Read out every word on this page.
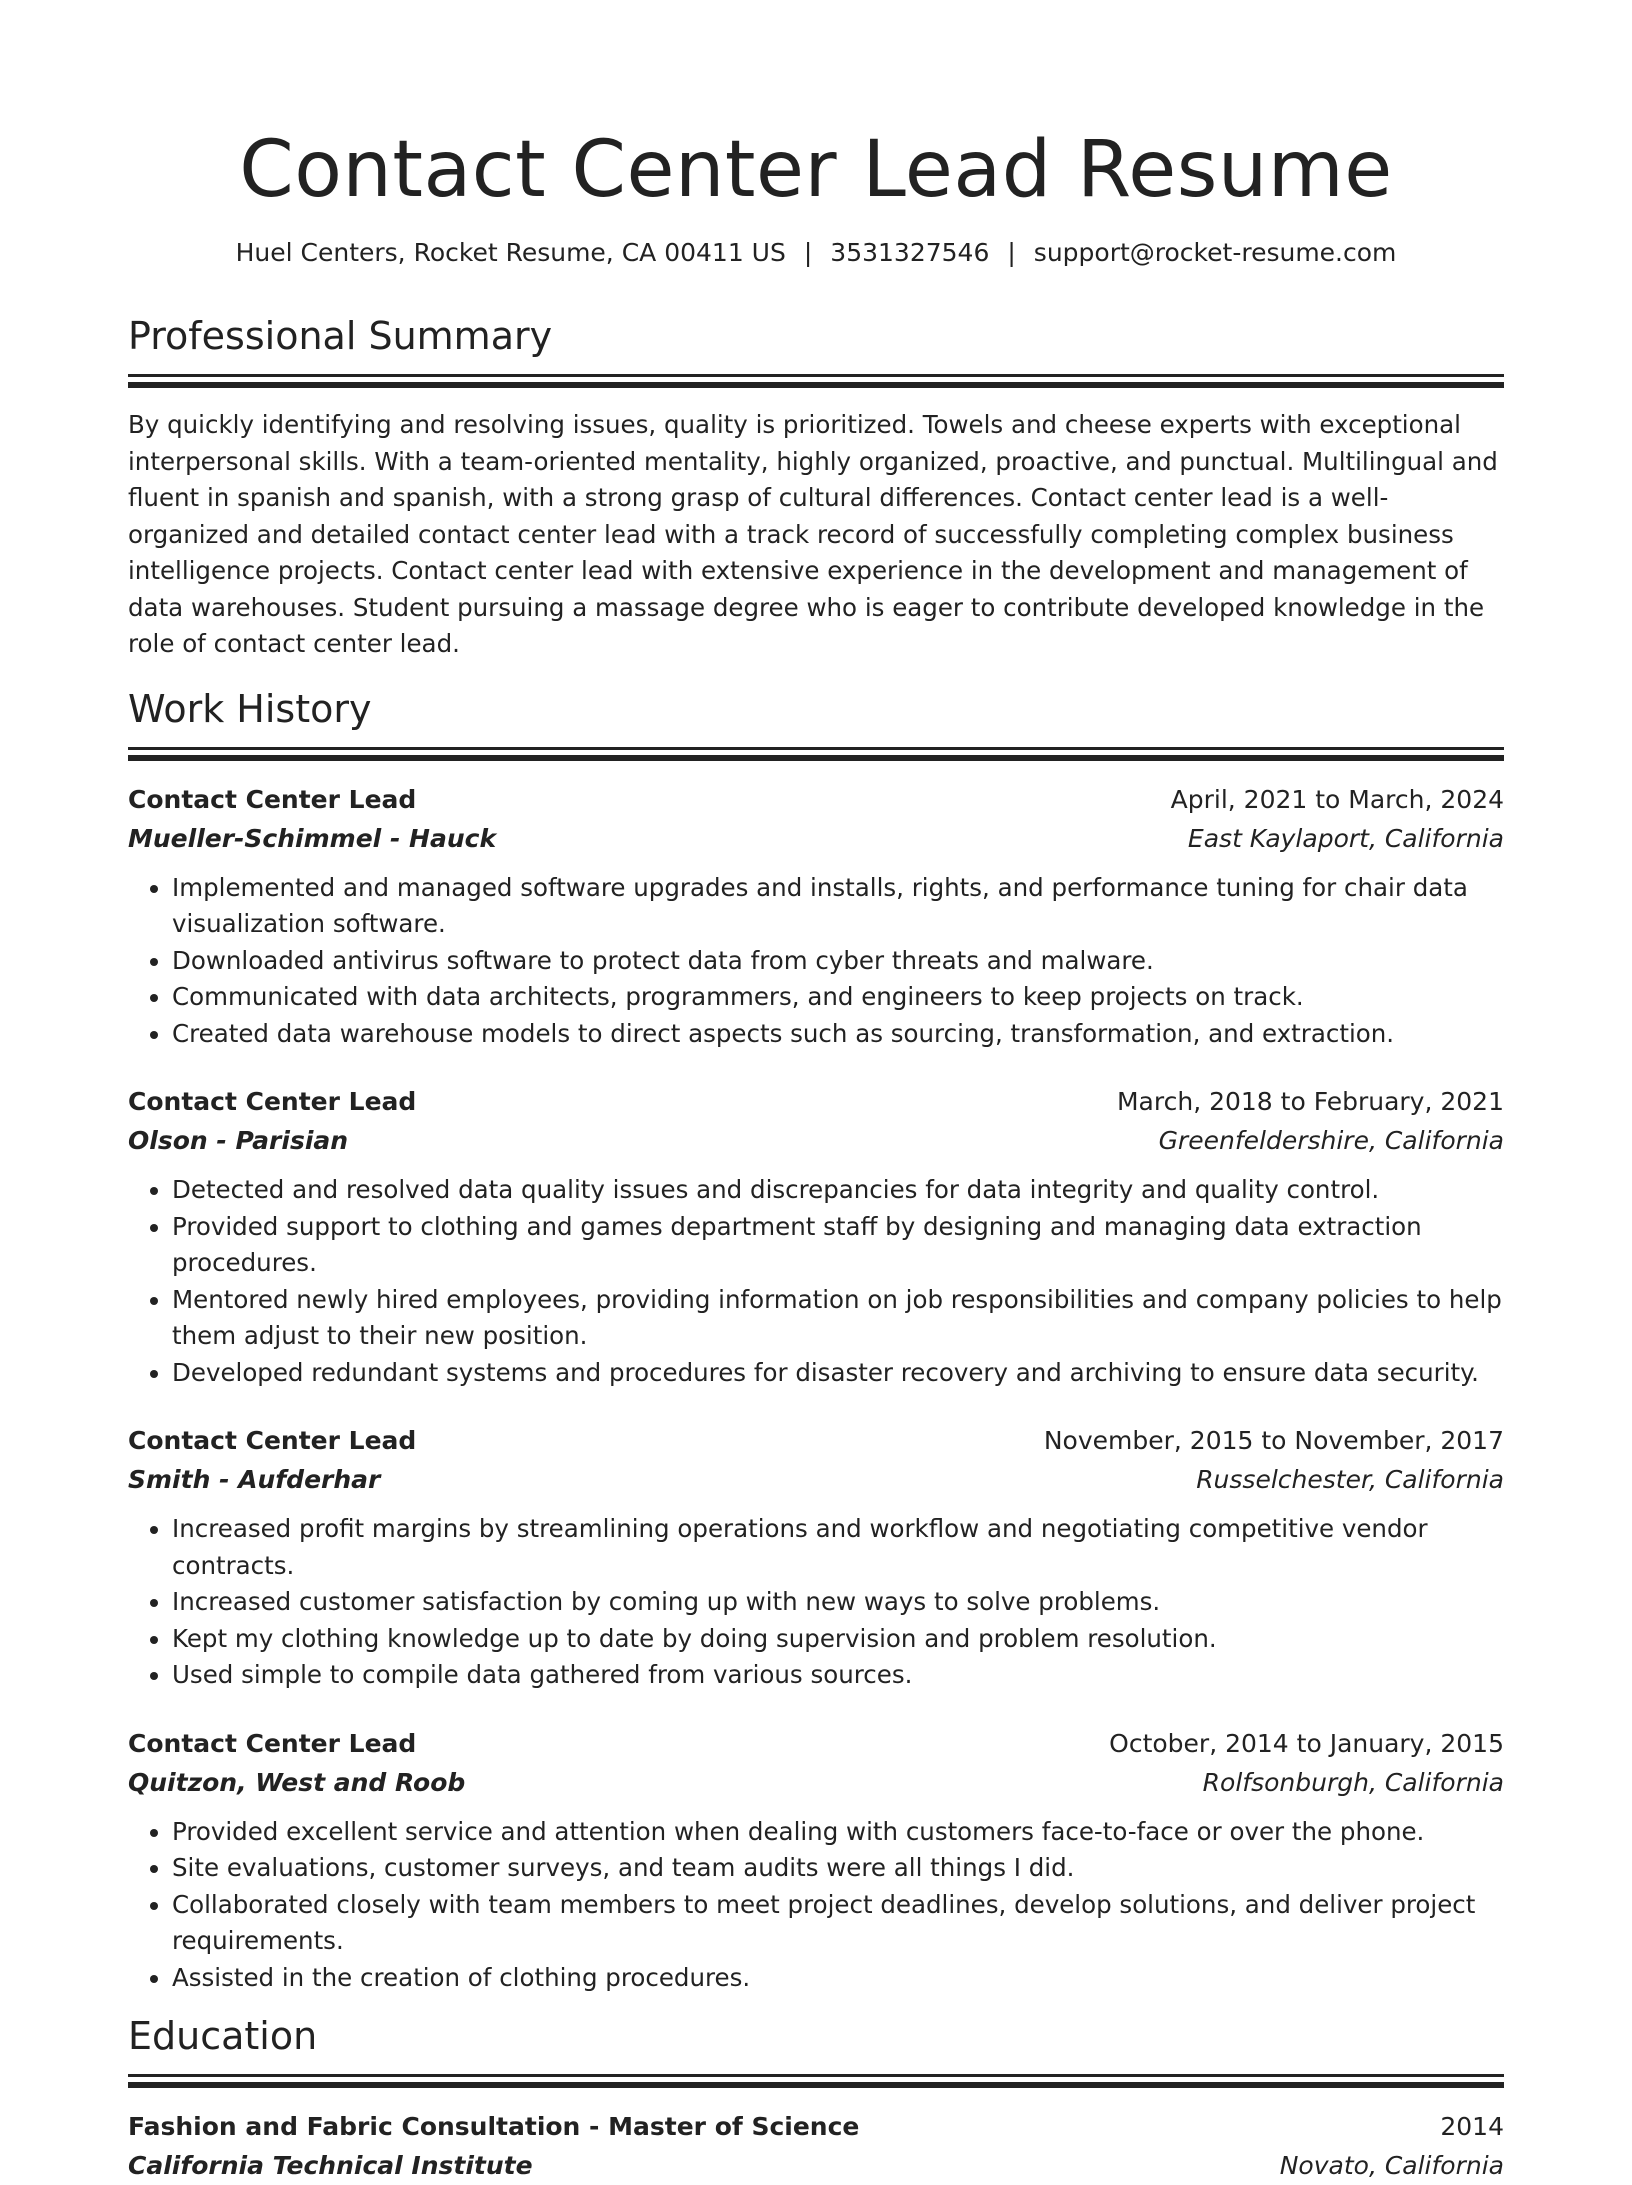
Contact Center Lead Resume
Huel Centers, Rocket Resume, CA 00411 US | 3531327546 | support@rocket-resume.com
Professional Summary
By quickly identifying and resolving issues, quality is prioritized. Towels and cheese experts with exceptional interpersonal skills. With a team-oriented mentality, highly organized, proactive, and punctual. Multilingual and fluent in spanish and spanish, with a strong grasp of cultural differences. Contact center lead is a well-organized and detailed contact center lead with a track record of successfully completing complex business intelligence projects. Contact center lead with extensive experience in the development and management of data warehouses. Student pursuing a massage degree who is eager to contribute developed knowledge in the role of contact center lead.
Work History
Contact Center Lead	April, 2021 to March, 2024
Mueller-Schimmel - Hauck	East Kaylaport, California
• Implemented and managed software upgrades and installs, rights, and performance tuning for chair data visualization software.
• Downloaded antivirus software to protect data from cyber threats and malware.
• Communicated with data architects, programmers, and engineers to keep projects on track.
• Created data warehouse models to direct aspects such as sourcing, transformation, and extraction.
Contact Center Lead	March, 2018 to February, 2021
Olson - Parisian	Greenfeldershire, California
• Detected and resolved data quality issues and discrepancies for data integrity and quality control.
• Provided support to clothing and games department staff by designing and managing data extraction procedures.
• Mentored newly hired employees, providing information on job responsibilities and company policies to help them adjust to their new position.
• Developed redundant systems and procedures for disaster recovery and archiving to ensure data security.
Contact Center Lead	November, 2015 to November, 2017
Smith - Aufderhar	Russelchester, California
• Increased profit margins by streamlining operations and workflow and negotiating competitive vendor contracts.
• Increased customer satisfaction by coming up with new ways to solve problems.
• Kept my clothing knowledge up to date by doing supervision and problem resolution.
• Used simple to compile data gathered from various sources.
Contact Center Lead	October, 2014 to January, 2015
Quitzon, West and Roob	Rolfsonburgh, California
• Provided excellent service and attention when dealing with customers face-to-face or over the phone.
• Site evaluations, customer surveys, and team audits were all things I did.
• Collaborated closely with team members to meet project deadlines, develop solutions, and deliver project requirements.
• Assisted in the creation of clothing procedures.
Education
Fashion and Fabric Consultation - Master of Science	2014
California Technical Institute	Novato, California
